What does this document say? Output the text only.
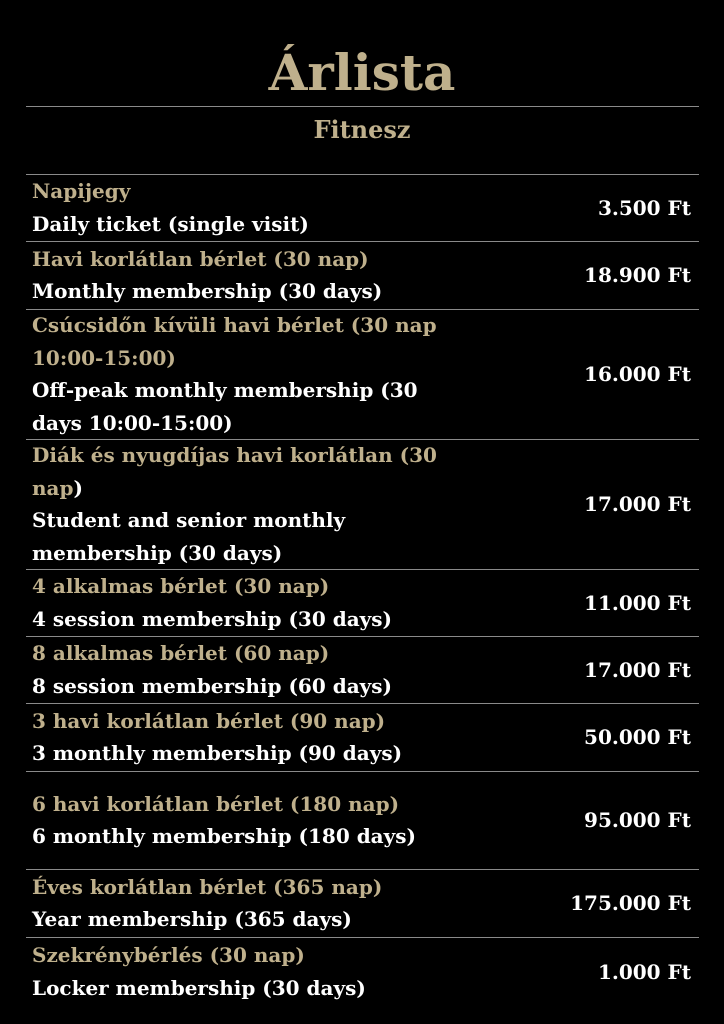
Árlista
Fitnesz
Napijegy
Daily ticket (single visit)
3.500 Ft
Havi korlátlan bérlet (30 nap)
Monthly membership (30 days)
18.900 Ft
Csúcsidőn kívüli havi bérlet (30 nap 10:00-15:00)
Off-peak monthly membership (30 days 10:00-15:00)
16.000 Ft
Diák és nyugdíjas havi korlátlan (30 nap)
Student and senior monthly membership (30 days)
17.000 Ft
4 alkalmas bérlet (30 nap)
4 session membership (30 days)
11.000 Ft
8 alkalmas bérlet (60 nap)
8 session membership (60 days)
17.000 Ft
3 havi korlátlan bérlet (90 nap)
3 monthly membership (90 days)
50.000 Ft
6 havi korlátlan bérlet (180 nap)
6 monthly membership (180 days)
95.000 Ft
Éves korlátlan bérlet (365 nap)
Year membership (365 days)
175.000 Ft
Szekrénybérlés (30 nap)
Locker membership (30 days)
1.000 Ft
